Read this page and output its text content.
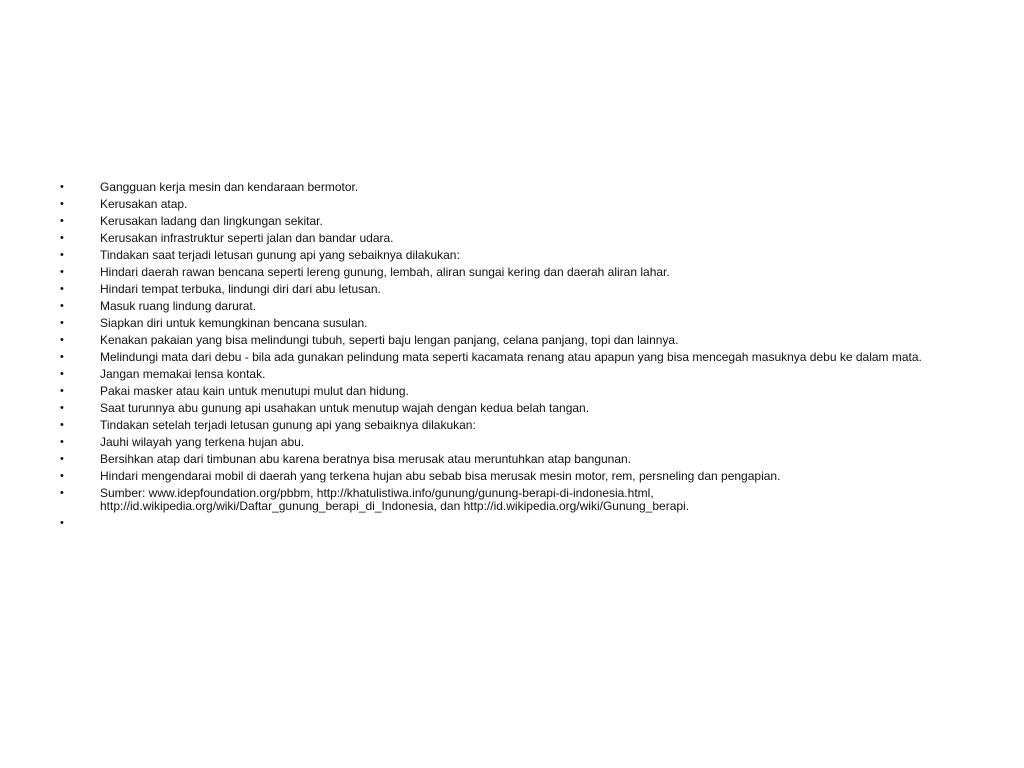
•	Gangguan kerja mesin dan kendaraan bermotor.
•	Kerusakan atap.
•	Kerusakan ladang dan lingkungan sekitar.
•	Kerusakan infrastruktur seperti jalan dan bandar udara.
•	Tindakan saat terjadi letusan gunung api yang sebaiknya dilakukan:
•	Hindari daerah rawan bencana seperti lereng gunung, lembah, aliran sungai kering dan daerah aliran lahar.
•	Hindari tempat terbuka, lindungi diri dari abu letusan.
•	Masuk ruang lindung darurat.
•	Siapkan diri untuk kemungkinan bencana susulan.
•	Kenakan pakaian yang bisa melindungi tubuh, seperti baju lengan panjang, celana panjang, topi dan lainnya.
•	Melindungi mata dari debu - bila ada gunakan pelindung mata seperti kacamata renang atau apapun yang bisa mencegah masuknya debu ke dalam mata.
•	Jangan memakai lensa kontak.
•	Pakai masker atau kain untuk menutupi mulut dan hidung.
•	Saat turunnya abu gunung api usahakan untuk menutup wajah dengan kedua belah tangan.
•	Tindakan setelah terjadi letusan gunung api yang sebaiknya dilakukan:
•	Jauhi wilayah yang terkena hujan abu.
•	Bersihkan atap dari timbunan abu karena beratnya bisa merusak atau meruntuhkan atap bangunan.
•	Hindari mengendarai mobil di daerah yang terkena hujan abu sebab bisa merusak mesin motor, rem, persneling dan pengapian.
•	Sumber: www.idepfoundation.org/pbbm, http://khatulistiwa.info/gunung/gunung-berapi-di-indonesia.html, http://id.wikipedia.org/wiki/Daftar_gunung_berapi_di_Indonesia, dan http://id.wikipedia.org/wiki/Gunung_berapi.
•
